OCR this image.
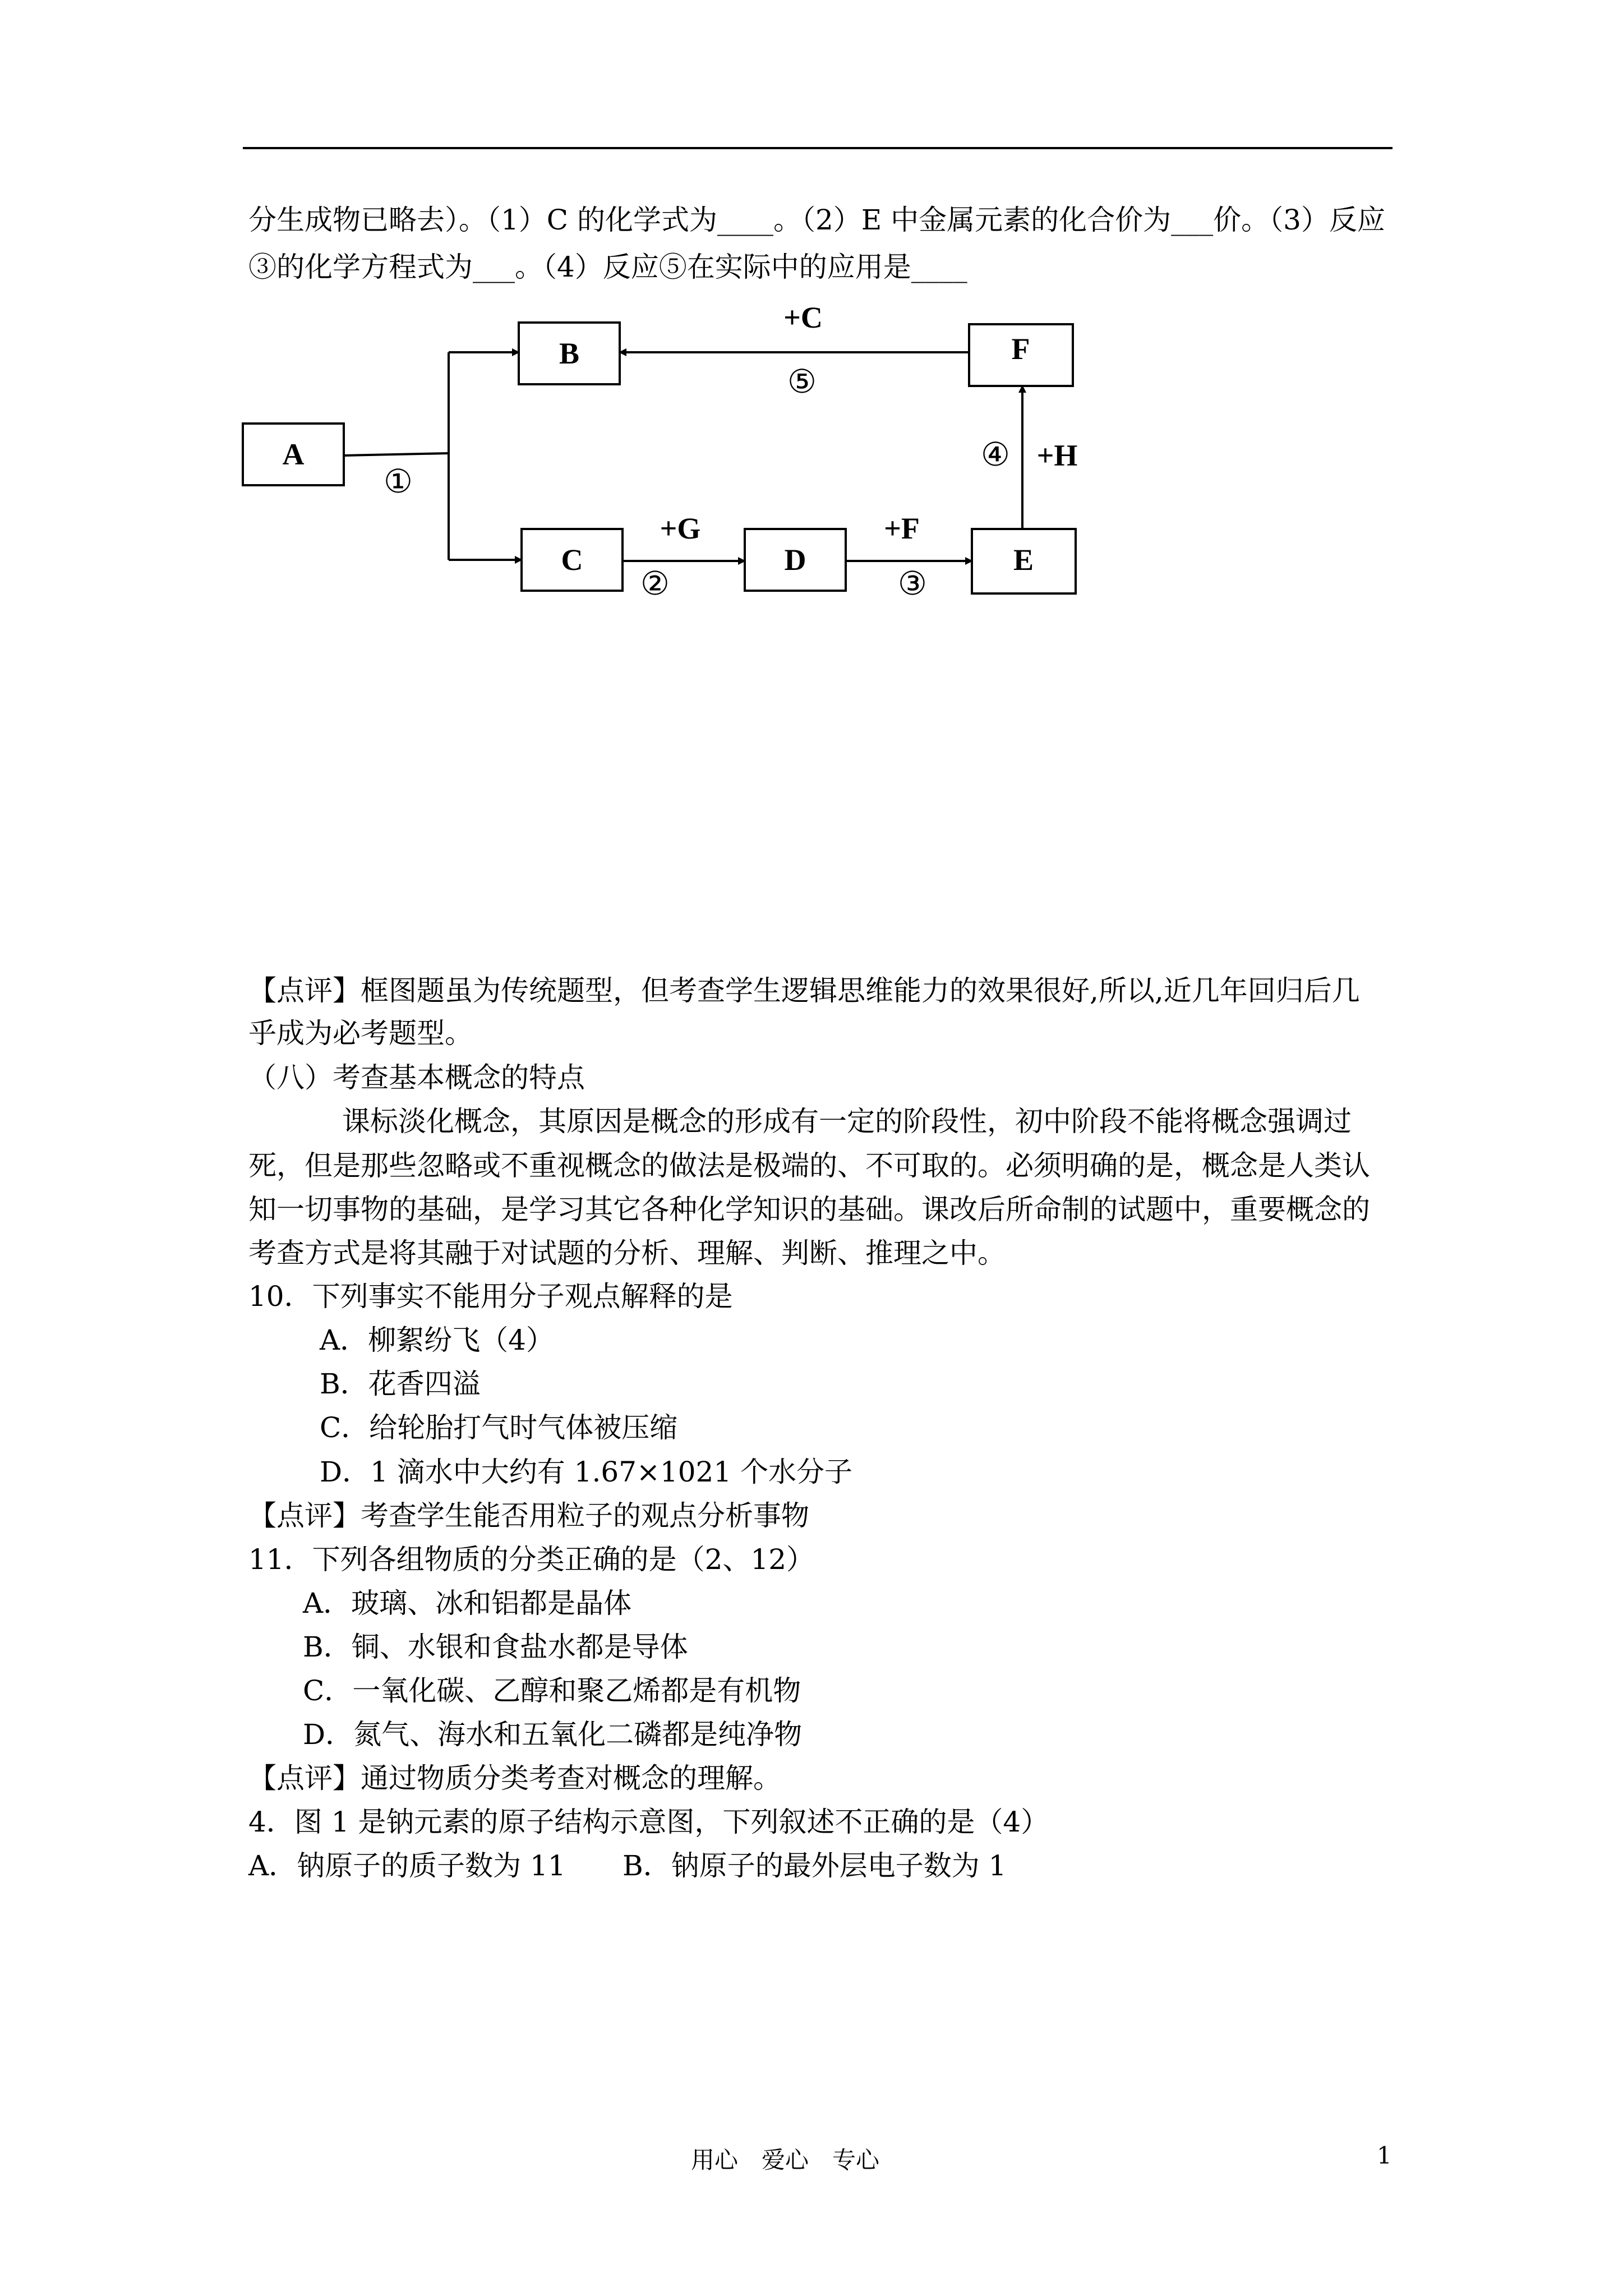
分生成物已略去）。（1）C 的化学式为____。（2）E 中金属元素的化合价为___价。（3）反应
③的化学方程式为___。（4）反应⑤在实际中的应用是____
A
B
C	D	E
F
+G	+F
+H
+C
①
②	③
④
⑤
【点评】框图题虽为传统题型，但考查学生逻辑思维能力的效果很好,所以,近几年回归后几
乎成为必考题型。
（八）考查基本概念的特点
课标淡化概念，其原因是概念的形成有一定的阶段性，初中阶段不能将概念强调过
死，但是那些忽略或不重视概念的做法是极端的、不可取的。必须明确的是，概念是人类认
知一切事物的基础，是学习其它各种化学知识的基础。课改后所命制的试题中，重要概念的
考查方式是将其融于对试题的分析、理解、判断、推理之中。
10．下列事实不能用分子观点解释的是
A．柳絮纷飞（4）
B．花香四溢
C．给轮胎打气时气体被压缩
D．1 滴水中大约有 1.67×1021 个水分子
【点评】考查学生能否用粒子的观点分析事物
11．下列各组物质的分类正确的是（2、12）
A．玻璃、冰和铝都是晶体
B．铜、水银和食盐水都是导体
C．一氧化碳、乙醇和聚乙烯都是有机物
D．氮气、海水和五氧化二磷都是纯净物
【点评】通过物质分类考查对概念的理解。
4．图 1 是钠元素的原子结构示意图，下列叙述不正确的是（4）
A．钠原子的质子数为 11 B．钠原子的最外层电子数为 1
用心　爱心　专心	1
